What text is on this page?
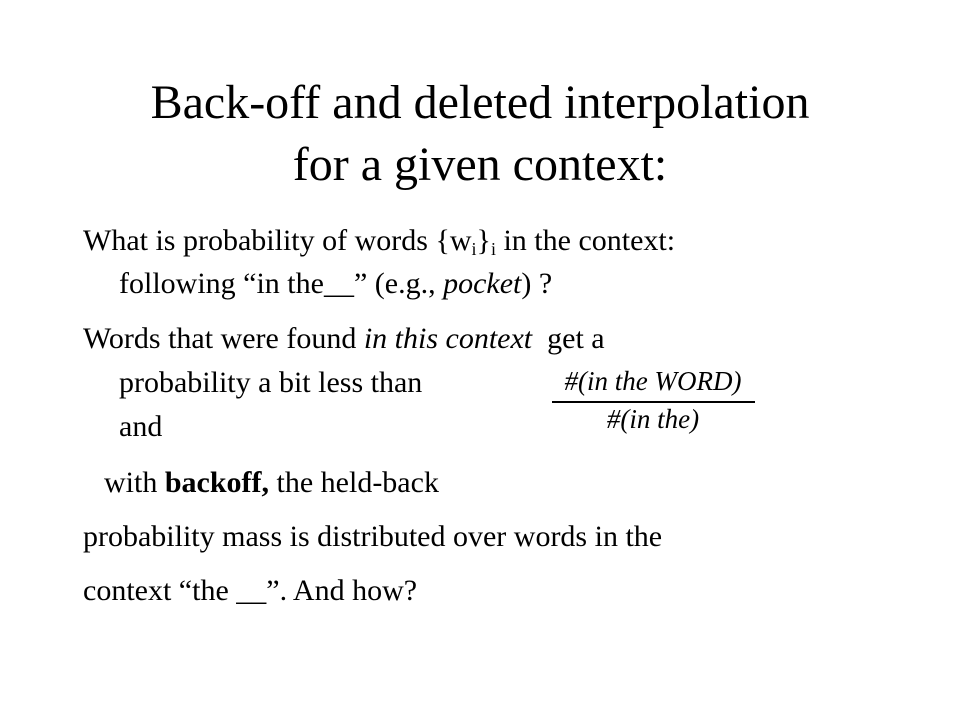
Back-off and deleted interpolation
for a given context:
What is probability of words $\{w_i\}_i$ in the context:
following “in the__” (e.g., pocket) ?
Words that were found in this context  get a
probability a bit less than
and
#(in the WORD)
#(in the)
with backoff, the held-back
probability mass is distributed over words in the
context “the __”. And how?
